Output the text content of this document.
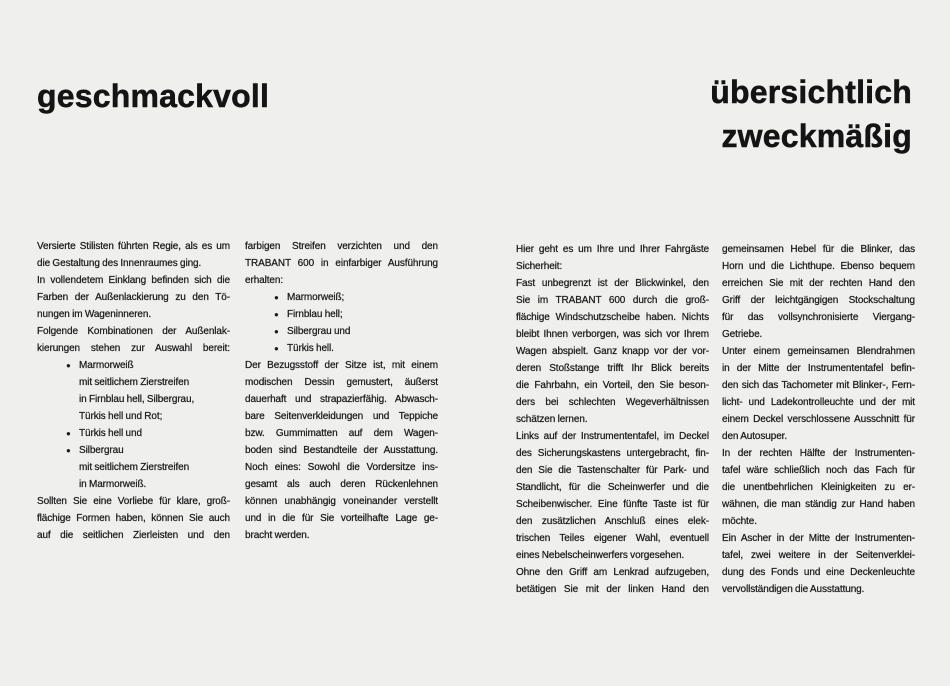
geschmackvoll	übersichtlich
zweckmäßig
Versierte Stilisten führten Regie, als es um
die Gestaltung des Innenraumes ging.
In vollendetem Einklang befinden sich die
Farben der Außenlackierung zu den Tö-
nungen im Wageninneren.
Folgende Kombinationen der Außenlak-
kierungen stehen zur Auswahl bereit:
● Marmorweiß
mit seitlichem Zierstreifen
in Firnblau hell, Silbergrau,
Türkis hell und Rot;
● Türkis hell und
● Silbergrau
mit seitlichem Zierstreifen
in Marmorweiß.
Sollten Sie eine Vorliebe für klare, groß-
flächige Formen haben, können Sie auch
auf die seitlichen Zierleisten und den
farbigen Streifen verzichten und den
TRABANT 600 in einfarbiger Ausführung
erhalten:
● Marmorweiß;
● Firnblau hell;
● Silbergrau und
● Türkis hell.
Der Bezugsstoff der Sitze ist, mit einem
modischen Dessin gemustert, äußerst
dauerhaft und strapazierfähig. Abwasch-
bare Seitenverkleidungen und Teppiche
bzw. Gummimatten auf dem Wagen-
boden sind Bestandteile der Ausstattung.
Noch eines: Sowohl die Vordersitze ins-
gesamt als auch deren Rückenlehnen
können unabhängig voneinander verstellt
und in die für Sie vorteilhafte Lage ge-
bracht werden.
Hier geht es um Ihre und Ihrer Fahrgäste
Sicherheit:
Fast unbegrenzt ist der Blickwinkel, den
Sie im TRABANT 600 durch die groß-
flächige Windschutzscheibe haben. Nichts
bleibt Ihnen verborgen, was sich vor Ihrem
Wagen abspielt. Ganz knapp vor der vor-
deren Stoßstange trifft Ihr Blick bereits
die Fahrbahn, ein Vorteil, den Sie beson-
ders bei schlechten Wegeverhältnissen
schätzen lernen.
Links auf der Instrumententafel, im Deckel
des Sicherungskastens untergebracht, fin-
den Sie die Tastenschalter für Park- und
Standlicht, für die Scheinwerfer und die
Scheibenwischer. Eine fünfte Taste ist für
den zusätzlichen Anschluß eines elek-
trischen Teiles eigener Wahl, eventuell
eines Nebelscheinwerfers vorgesehen.
Ohne den Griff am Lenkrad aufzugeben,
betätigen Sie mit der linken Hand den
gemeinsamen Hebel für die Blinker, das
Horn und die Lichthupe. Ebenso bequem
erreichen Sie mit der rechten Hand den
Griff der leichtgängigen Stockschaltung
für das vollsynchronisierte Viergang-
Getriebe.
Unter einem gemeinsamen Blendrahmen
in der Mitte der Instrumententafel befin-
den sich das Tachometer mit Blinker-, Fern-
licht- und Ladekontrolleuchte und der mit
einem Deckel verschlossene Ausschnitt für
den Autosuper.
In der rechten Hälfte der Instrumenten-
tafel wäre schließlich noch das Fach für
die unentbehrlichen Kleinigkeiten zu er-
wähnen, die man ständig zur Hand haben
möchte.
Ein Ascher in der Mitte der Instrumenten-
tafel, zwei weitere in der Seitenverklei-
dung des Fonds und eine Deckenleuchte
vervollständigen die Ausstattung.
